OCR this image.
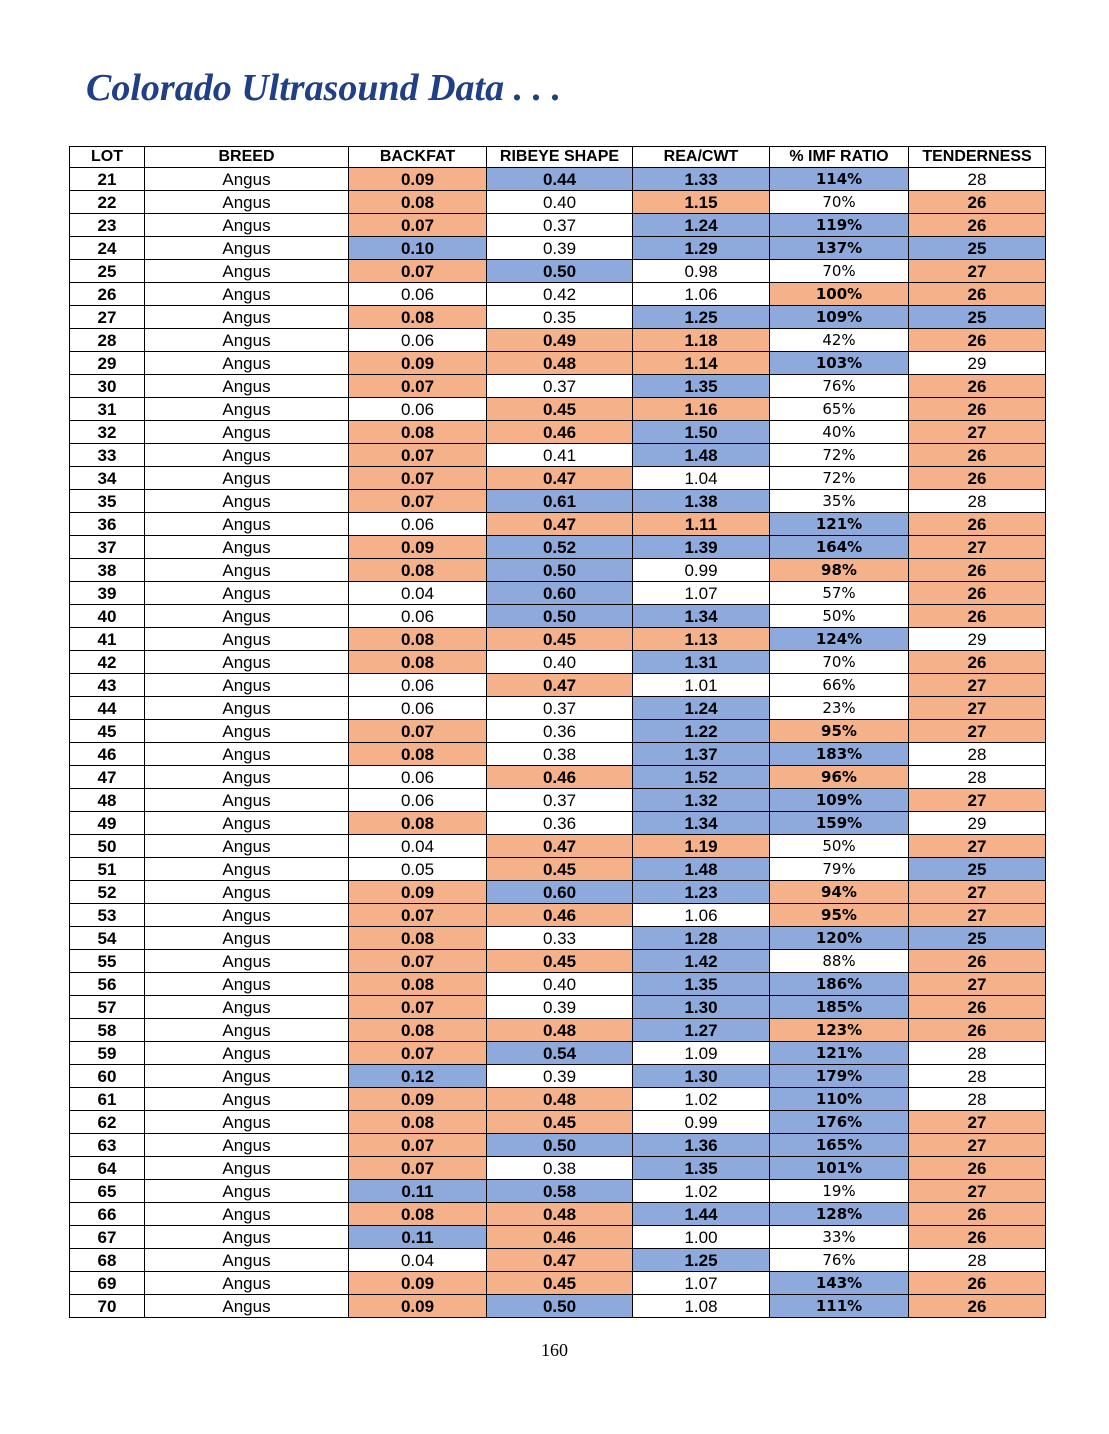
Colorado Ultrasound Data . . .
LOT	BREED	BACKFAT	RIBEYE SHAPE	REA/CWT	% IMF RATIO	TENDERNESS
21	Angus	0.09	0.44	1.33	114%	28
22	Angus	0.08	0.40	1.15	70%	26
23	Angus	0.07	0.37	1.24	119%	26
24	Angus	0.10	0.39	1.29	137%	25
25	Angus	0.07	0.50	0.98	70%	27
26	Angus	0.06	0.42	1.06	100%	26
27	Angus	0.08	0.35	1.25	109%	25
28	Angus	0.06	0.49	1.18	42%	26
29	Angus	0.09	0.48	1.14	103%	29
30	Angus	0.07	0.37	1.35	76%	26
31	Angus	0.06	0.45	1.16	65%	26
32	Angus	0.08	0.46	1.50	40%	27
33	Angus	0.07	0.41	1.48	72%	26
34	Angus	0.07	0.47	1.04	72%	26
35	Angus	0.07	0.61	1.38	35%	28
36	Angus	0.06	0.47	1.11	121%	26
37	Angus	0.09	0.52	1.39	164%	27
38	Angus	0.08	0.50	0.99	98%	26
39	Angus	0.04	0.60	1.07	57%	26
40	Angus	0.06	0.50	1.34	50%	26
41	Angus	0.08	0.45	1.13	124%	29
42	Angus	0.08	0.40	1.31	70%	26
43	Angus	0.06	0.47	1.01	66%	27
44	Angus	0.06	0.37	1.24	23%	27
45	Angus	0.07	0.36	1.22	95%	27
46	Angus	0.08	0.38	1.37	183%	28
47	Angus	0.06	0.46	1.52	96%	28
48	Angus	0.06	0.37	1.32	109%	27
49	Angus	0.08	0.36	1.34	159%	29
50	Angus	0.04	0.47	1.19	50%	27
51	Angus	0.05	0.45	1.48	79%	25
52	Angus	0.09	0.60	1.23	94%	27
53	Angus	0.07	0.46	1.06	95%	27
54	Angus	0.08	0.33	1.28	120%	25
55	Angus	0.07	0.45	1.42	88%	26
56	Angus	0.08	0.40	1.35	186%	27
57	Angus	0.07	0.39	1.30	185%	26
58	Angus	0.08	0.48	1.27	123%	26
59	Angus	0.07	0.54	1.09	121%	28
60	Angus	0.12	0.39	1.30	179%	28
61	Angus	0.09	0.48	1.02	110%	28
62	Angus	0.08	0.45	0.99	176%	27
63	Angus	0.07	0.50	1.36	165%	27
64	Angus	0.07	0.38	1.35	101%	26
65	Angus	0.11	0.58	1.02	19%	27
66	Angus	0.08	0.48	1.44	128%	26
67	Angus	0.11	0.46	1.00	33%	26
68	Angus	0.04	0.47	1.25	76%	28
69	Angus	0.09	0.45	1.07	143%	26
70	Angus	0.09	0.50	1.08	111%	26
160
